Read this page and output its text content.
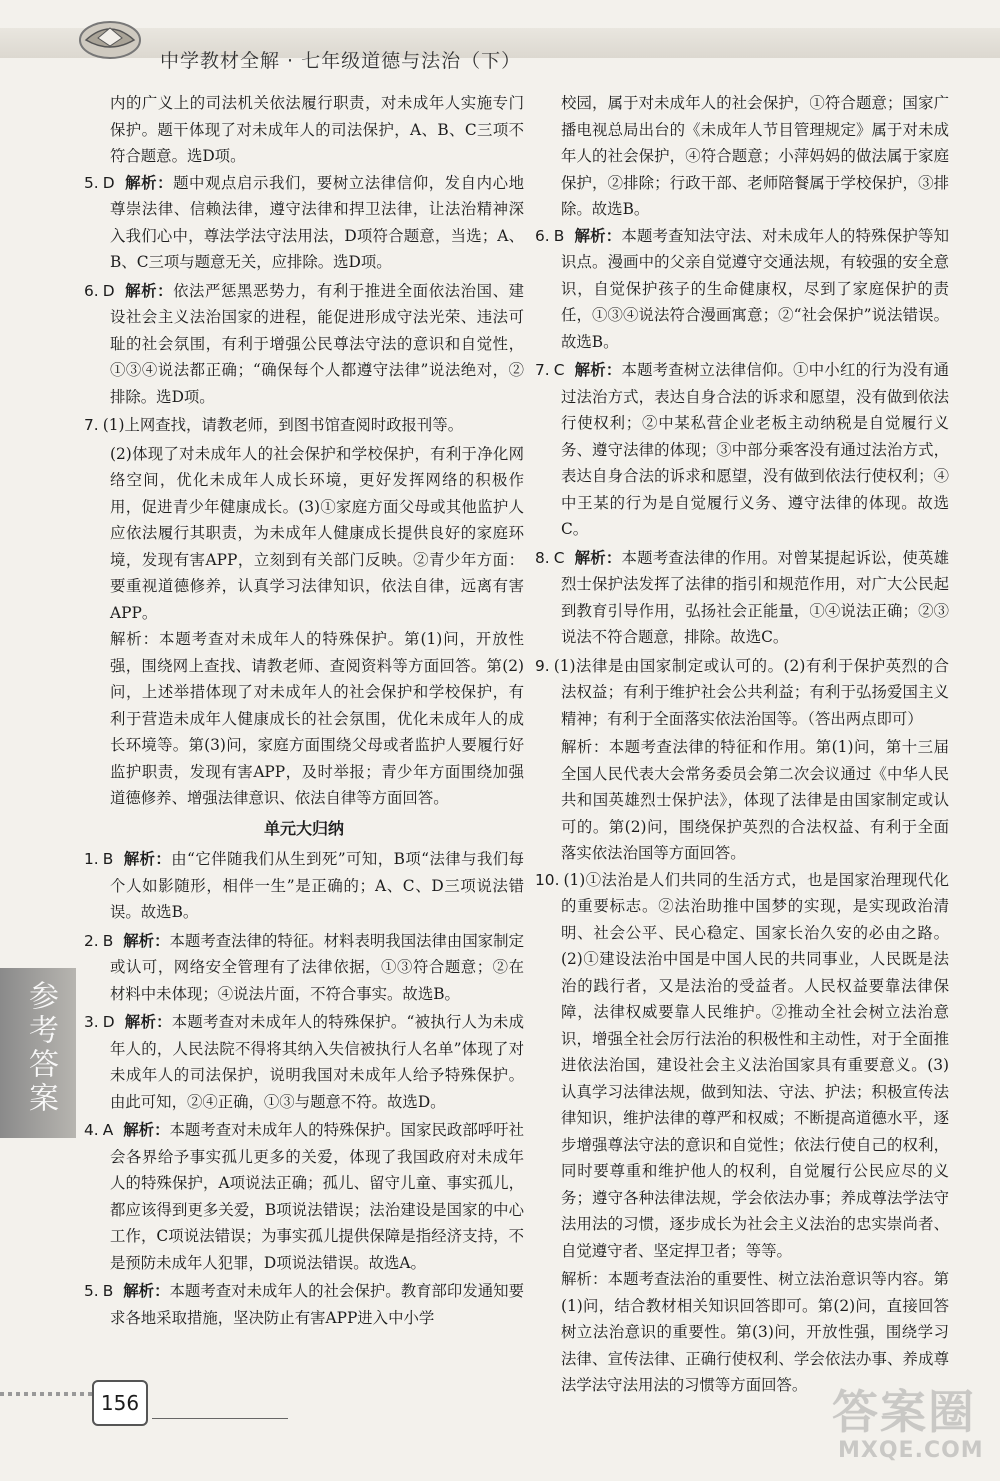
中学教材全解 · 七年级道德与法治（下）

内的广义上的司法机关依法履行职责，对未成年人实施专门保护。题干体现了对未成年人的司法保护，A、B、C三项不符合题意。选D项。

5. D 解析：题中观点启示我们，要树立法律信仰，发自内心地尊崇法律、信赖法律，遵守法律和捍卫法律，让法治精神深入我们心中，尊法学法守法用法，D项符合题意，当选；A、B、C三项与题意无关，应排除。选D项。
6. D 解析：依法严惩黑恶势力，有利于推进全面依法治国、建设社会主义法治国家的进程，能促进形成守法光荣、违法可耻的社会氛围，有利于增强公民尊法守法的意识和自觉性，①③④说法都正确；“确保每个人都遵守法律”说法绝对，②排除。选D项。
7. (1)上网查找，请教老师，到图书馆查阅时政报刊等。

(2)体现了对未成年人的社会保护和学校保护，有利于净化网络空间，优化未成年人成长环境，更好发挥网络的积极作用，促进青少年健康成长。(3)①家庭方面父母或其他监护人应依法履行其职责，为未成年人健康成长提供良好的家庭环境，发现有害APP，立刻到有关部门反映。②青少年方面：要重视道德修养，认真学习法律知识，依法自律，远离有害APP。

解析：本题考查对未成年人的特殊保护。第(1)问，开放性强，围绕网上查找、请教老师、查阅资料等方面回答。第(2)问，上述举措体现了对未成年人的社会保护和学校保护，有利于营造未成年人健康成长的社会氛围，优化未成年人的成长环境等。第(3)问，家庭方面围绕父母或者监护人要履行好监护职责，发现有害APP，及时举报；青少年方面围绕加强道德修养、增强法律意识、依法自律等方面回答。

单元大归纳
1. B 解析：由“它伴随我们从生到死”可知，B项“法律与我们每个人如影随形，相伴一生”是正确的；A、C、D三项说法错误。故选B。
2. B 解析：本题考查法律的特征。材料表明我国法律由国家制定或认可，网络安全管理有了法律依据，①③符合题意；②在材料中未体现；④说法片面，不符合事实。故选B。
3. D 解析：本题考查对未成年人的特殊保护。“被执行人为未成年人的，人民法院不得将其纳入失信被执行人名单”体现了对未成年人的司法保护，说明我国对未成年人给予特殊保护。由此可知，②④正确，①③与题意不符。故选D。
4. A 解析：本题考查对未成年人的特殊保护。国家民政部呼吁社会各界给予事实孤儿更多的关爱，体现了我国政府对未成年人的特殊保护，A项说法正确；孤儿、留守儿童、事实孤儿，都应该得到更多关爱，B项说法错误；法治建设是国家的中心工作，C项说法错误；为事实孤儿提供保障是指经济支持，不是预防未成年人犯罪，D项说法错误。故选A。
5. B 解析：本题考查对未成年人的社会保护。教育部印发通知要求各地采取措施，坚决防止有害APP进入中小学

校园，属于对未成年人的社会保护，①符合题意；国家广播电视总局出台的《未成年人节目管理规定》属于对未成年人的社会保护，④符合题意；小萍妈妈的做法属于家庭保护，②排除；行政干部、老师陪餐属于学校保护，③排除。故选B。

6. B 解析：本题考查知法守法、对未成年人的特殊保护等知识点。漫画中的父亲自觉遵守交通法规，有较强的安全意识，自觉保护孩子的生命健康权，尽到了家庭保护的责任，①③④说法符合漫画寓意；②“社会保护”说法错误。故选B。
7. C 解析：本题考查树立法律信仰。①中小红的行为没有通过法治方式，表达自身合法的诉求和愿望，没有做到依法行使权利；②中某私营企业老板主动纳税是自觉履行义务、遵守法律的体现；③中部分乘客没有通过法治方式，表达自身合法的诉求和愿望，没有做到依法行使权利；④中王某的行为是自觉履行义务、遵守法律的体现。故选C。
8. C 解析：本题考查法律的作用。对曾某提起诉讼，使英雄烈士保护法发挥了法律的指引和规范作用，对广大公民起到教育引导作用，弘扬社会正能量，①④说法正确；②③说法不符合题意，排除。故选C。
9. (1)法律是由国家制定或认可的。(2)有利于保护英烈的合法权益；有利于维护社会公共利益；有利于弘扬爱国主义精神；有利于全面落实依法治国等。（答出两点即可）

解析：本题考查法律的特征和作用。第(1)问，第十三届全国人民代表大会常务委员会第二次会议通过《中华人民共和国英雄烈士保护法》，体现了法律是由国家制定或认可的。第(2)问，围绕保护英烈的合法权益、有利于全面落实依法治国等方面回答。

10. (1)①法治是人们共同的生活方式，也是国家治理现代化的重要标志。②法治助推中国梦的实现，是实现政治清明、社会公平、民心稳定、国家长治久安的必由之路。(2)①建设法治中国是中国人民的共同事业，人民既是法治的践行者，又是法治的受益者。人民权益要靠法律保障，法律权威要靠人民维护。②推动全社会树立法治意识，增强全社会厉行法治的积极性和主动性，对于全面推进依法治国，建设社会主义法治国家具有重要意义。(3)认真学习法律法规，做到知法、守法、护法；积极宣传法律知识，维护法律的尊严和权威；不断提高道德水平，逐步增强尊法守法的意识和自觉性；依法行使自己的权利，同时要尊重和维护他人的权利，自觉履行公民应尽的义务；遵守各种法律法规，学会依法办事；养成尊法学法守法用法的习惯，逐步成长为社会主义法治的忠实崇尚者、自觉遵守者、坚定捍卫者；等等。

解析：本题考查法治的重要性、树立法治意识等内容。第(1)问，结合教材相关知识回答即可。第(2)问，直接回答树立法治意识的重要性。第(3)问，开放性强，围绕学习法律、宣传法律、正确行使权利、学会依法办事、养成尊法学法守法用法的习惯等方面回答。

参考答案
156	答案圈
MXQE.COM
